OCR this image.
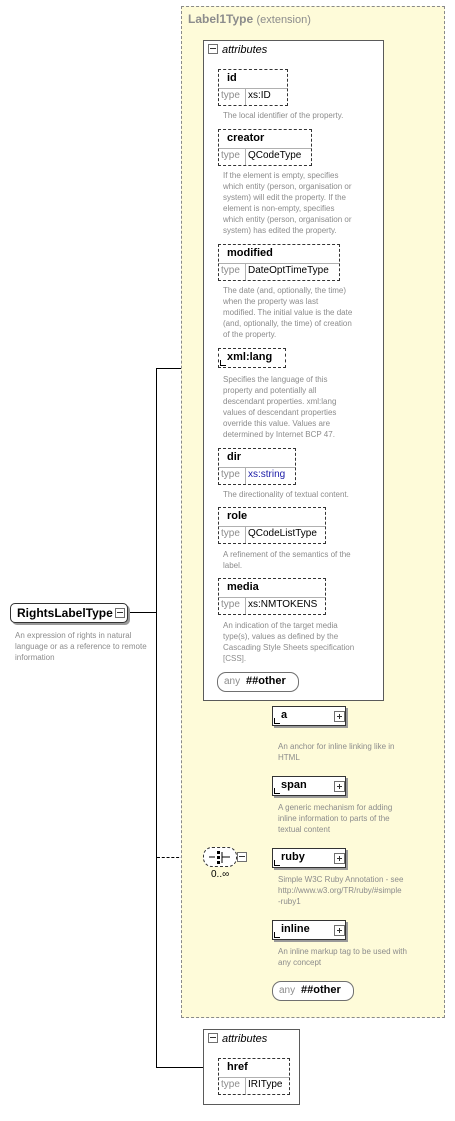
RightsLabelType
An expression of rights in natural
language or as a reference to remote
information
Label1Type (extension)
attributes
id
type xs:ID
The local identifier of the property.
creator
type QCodeType
If the element is empty, specifies
which entity (person, organisation or
system) will edit the property. If the
element is non-empty, specifies
which entity (person, organisation or
system) has edited the property.
modified
type DateOptTimeType
The date (and, optionally, the time)
when the property was last
modified. The initial value is the date
(and, optionally, the time) of creation
of the property.
xml:lang
Specifies the language of this
property and potentially all
descendant properties. xml:lang
values of descendant properties
override this value. Values are
determined by Internet BCP 47.
dir
type xs:string
The directionality of textual content.
role
type QCodeListType
A refinement of the semantics of the
label.
media
type xs:NMTOKENS
An indication of the target media
type(s), values as defined by the
Cascading Style Sheets specification
[CSS].
any ##other
0..∞
a
An anchor for inline linking like in
HTML
span
A generic mechanism for adding
inline information to parts of the
textual content
ruby
Simple W3C Ruby Annotation - see
http://www.w3.org/TR/ruby/#simple
-ruby1
inline
An inline markup tag to be used with
any concept
any ##other
attributes
href
type IRIType
